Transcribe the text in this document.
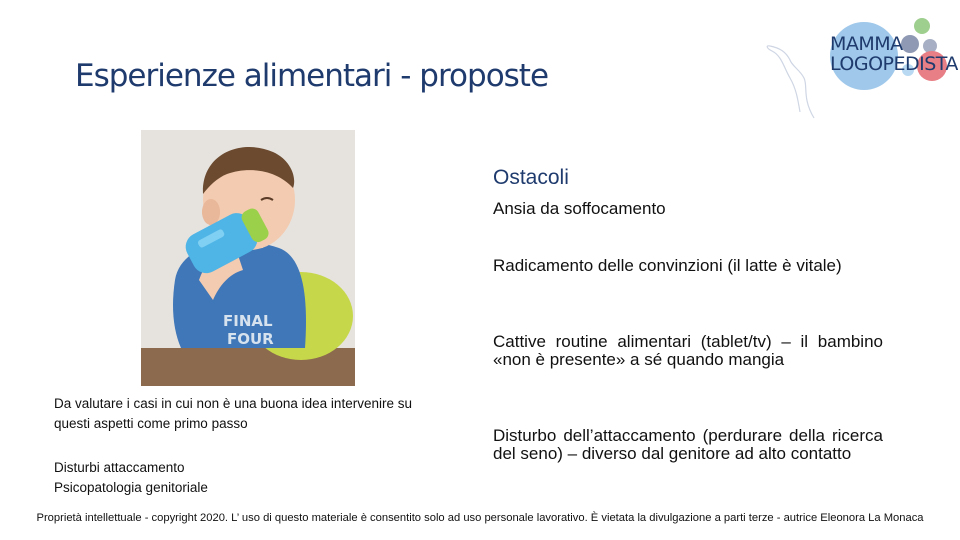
Esperienze alimentari - proposte
MAMMA
LOGOPEDISTA
FINAL
FOUR
Da valutare i casi in cui non è una buona idea intervenire su questi aspetti come primo passo
Disturbi attaccamento
Psicopatologia genitoriale
Ostacoli
Ansia da soffocamento
Radicamento delle convinzioni (il latte è vitale)
Cattive routine alimentari (tablet/tv) – il bambino «non è presente» a sé quando mangia
Disturbo dell’attaccamento (perdurare della ricerca del seno) – diverso dal genitore ad alto contatto
Proprietà intellettuale - copyright 2020. L’ uso di questo materiale è consentito solo ad uso personale lavorativo. È vietata la divulgazione a parti terze - autrice Eleonora La Monaca
